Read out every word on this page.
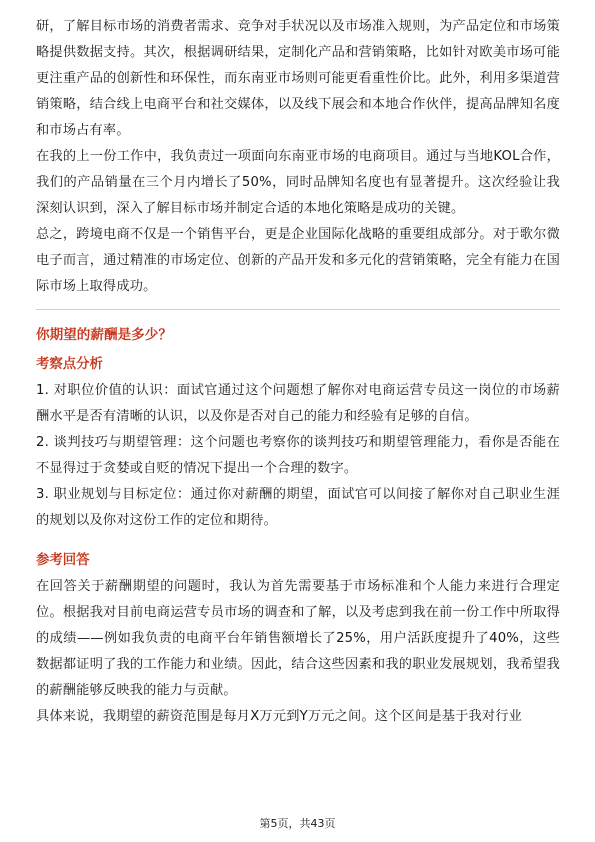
研，了解目标市场的消费者需求、竞争对手状况以及市场准入规则，为产品定位和市场策略提供数据支持。其次，根据调研结果，定制化产品和营销策略，比如针对欧美市场可能更注重产品的创新性和环保性，而东南亚市场则可能更看重性价比。此外，利用多渠道营销策略，结合线上电商平台和社交媒体，以及线下展会和本地合作伙伴，提高品牌知名度和市场占有率。

在我的上一份工作中，我负责过一项面向东南亚市场的电商项目。通过与当地KOL合作，我们的产品销量在三个月内增长了50%，同时品牌知名度也有显著提升。这次经验让我深刻认识到，深入了解目标市场并制定合适的本地化策略是成功的关键。

总之，跨境电商不仅是一个销售平台，更是企业国际化战略的重要组成部分。对于歌尔微电子而言，通过精准的市场定位、创新的产品开发和多元化的营销策略，完全有能力在国际市场上取得成功。

你期望的薪酬是多少？
考察点分析

1. 对职位价值的认识：面试官通过这个问题想了解你对电商运营专员这一岗位的市场薪酬水平是否有清晰的认识，以及你是否对自己的能力和经验有足够的自信。

2. 谈判技巧与期望管理：这个问题也考察你的谈判技巧和期望管理能力，看你是否能在不显得过于贪婪或自贬的情况下提出一个合理的数字。

3. 职业规划与目标定位：通过你对薪酬的期望，面试官可以间接了解你对自己职业生涯的规划以及你对这份工作的定位和期待。

参考回答

在回答关于薪酬期望的问题时，我认为首先需要基于市场标准和个人能力来进行合理定位。根据我对目前电商运营专员市场的调查和了解，以及考虑到我在前一份工作中所取得的成绩——例如我负责的电商平台年销售额增长了25%，用户活跃度提升了40%，这些数据都证明了我的工作能力和业绩。因此，结合这些因素和我的职业发展规划，我希望我的薪酬能够反映我的能力与贡献。

具体来说，我期望的薪资范围是每月X万元到Y万元之间。这个区间是基于我对行业

第5页，共43页
